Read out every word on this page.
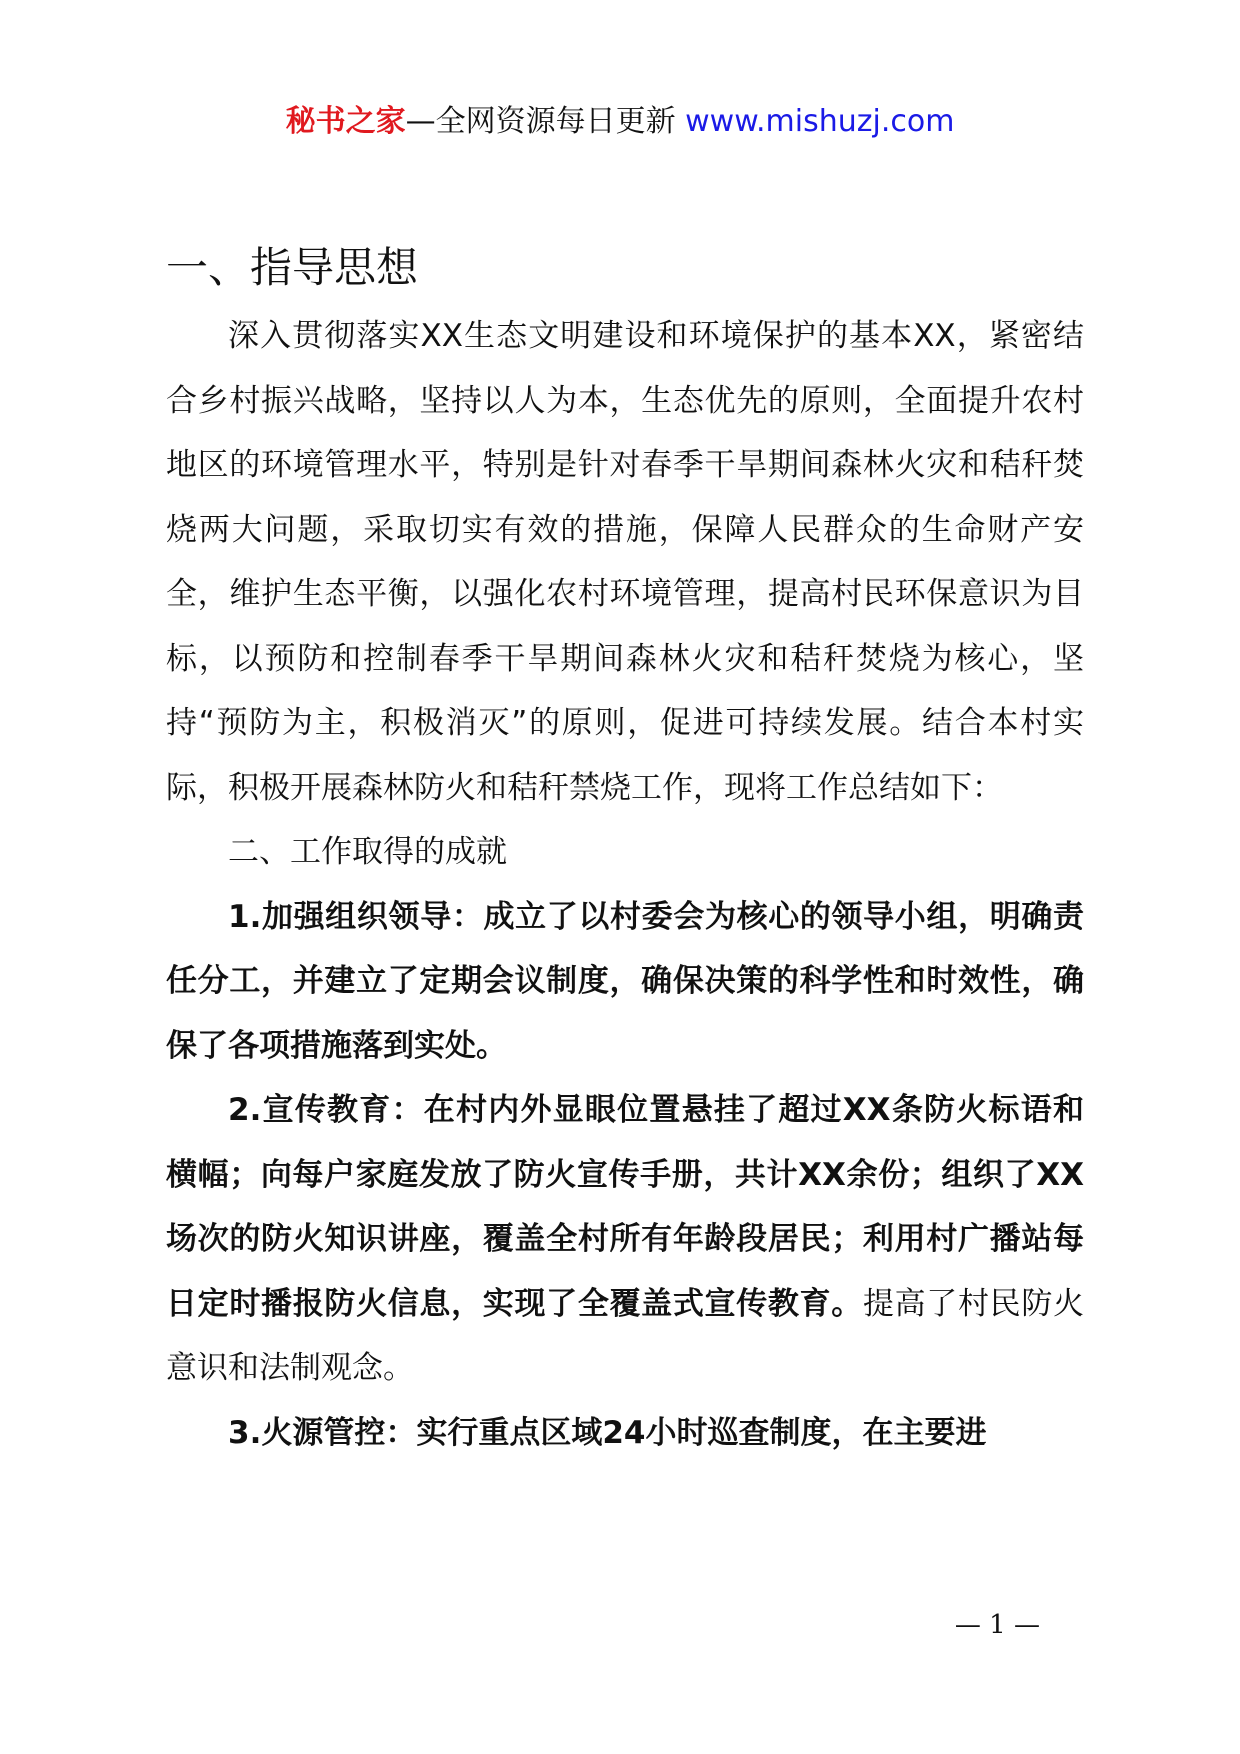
秘书之家—全网资源每日更新 www.mishuzj.com
一、指导思想

深入贯彻落实XX生态文明建设和环境保护的基本XX，紧密结合乡村振兴战略，坚持以人为本，生态优先的原则，全面提升农村地区的环境管理水平，特别是针对春季干旱期间森林火灾和秸秆焚烧两大问题，采取切实有效的措施，保障人民群众的生命财产安全，维护生态平衡，以强化农村环境管理，提高村民环保意识为目标，以预防和控制春季干旱期间森林火灾和秸秆焚烧为核心，坚持“预防为主，积极消灭”的原则，促进可持续发展。结合本村实际，积极开展森林防火和秸秆禁烧工作，现将工作总结如下：

二、工作取得的成就

1.加强组织领导：成立了以村委会为核心的领导小组，明确责任分工，并建立了定期会议制度，确保决策的科学性和时效性，确保了各项措施落到实处。

2.宣传教育：在村内外显眼位置悬挂了超过XX条防火标语和横幅；向每户家庭发放了防火宣传手册，共计XX余份；组织了XX场次的防火知识讲座，覆盖全村所有年龄段居民；利用村广播站每日定时播报防火信息，实现了全覆盖式宣传教育。提高了村民防火意识和法制观念。

3.火源管控：实行重点区域24小时巡查制度，在主要进

— 1 —
